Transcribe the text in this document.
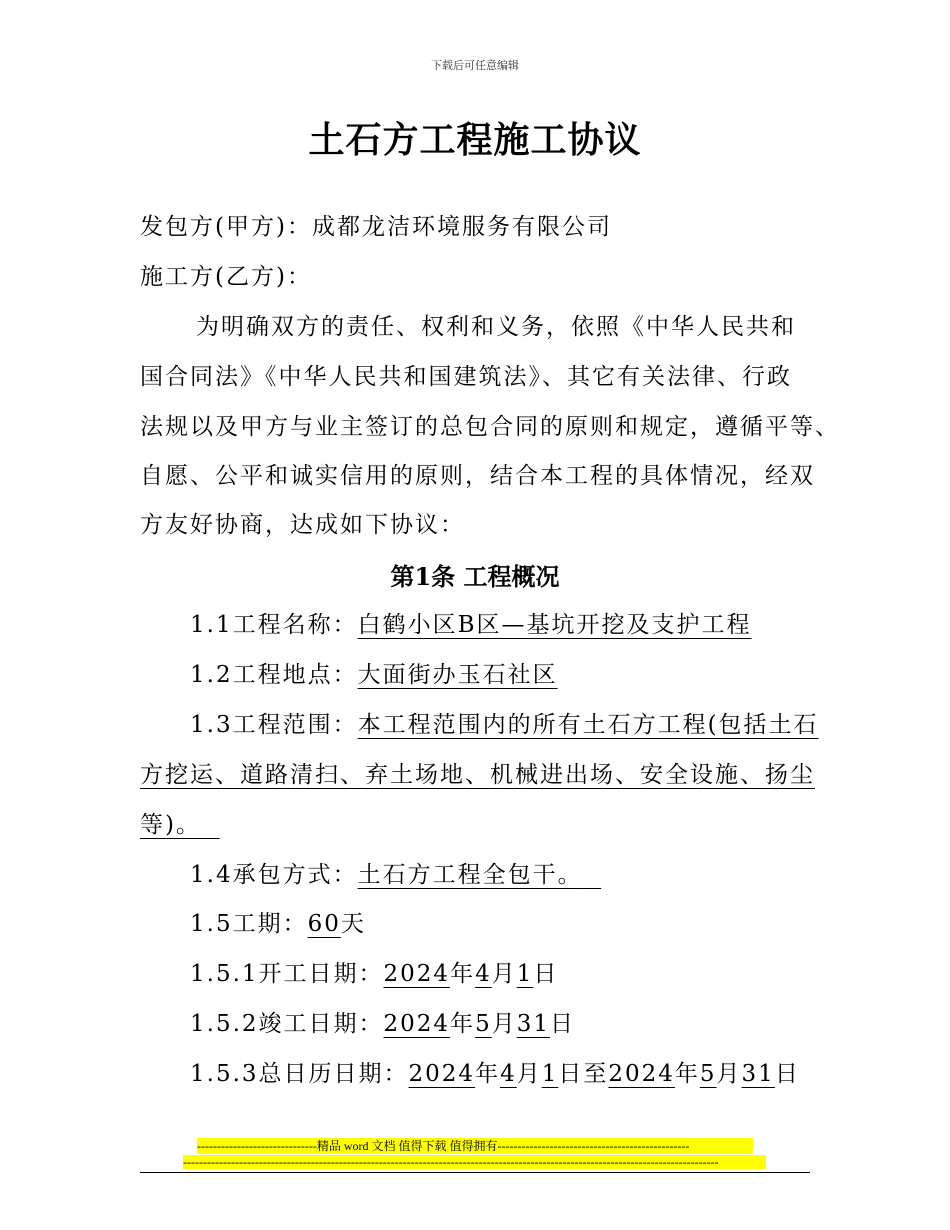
下载后可任意编辑
土石方工程施工协议
发包方(甲方)：成都龙洁环境服务有限公司
施工方(乙方)：
为明确双方的责任、权利和义务，依照《中华人民共和
国合同法》《中华人民共和国建筑法》、其它有关法律、行政
法规以及甲方与业主签订的总包合同的原则和规定，遵循平等、
自愿、公平和诚实信用的原则，结合本工程的具体情况，经双
方友好协商，达成如下协议：
第1条 工程概况
1.1工程名称：白鹤小区B区—基坑开挖及支护工程
1.2工程地点：大面街办玉石社区
1.3工程范围：本工程范围内的所有土石方工程(包括土石
方挖运、道路清扫、弃土场地、机械进出场、安全设施、扬尘
等)。
1.4承包方式：土石方工程全包干。
1.5工期：60天
1.5.1开工日期：2024年4月1日
1.5.2竣工日期：2024年5月31日
1.5.3总日历日期：2024年4月1日至2024年5月31日
------------------------------精品 word 文档 值得下载 值得拥有------------------------------------------------
--------------------------------------------------------------------------------------------------------------------------------------
